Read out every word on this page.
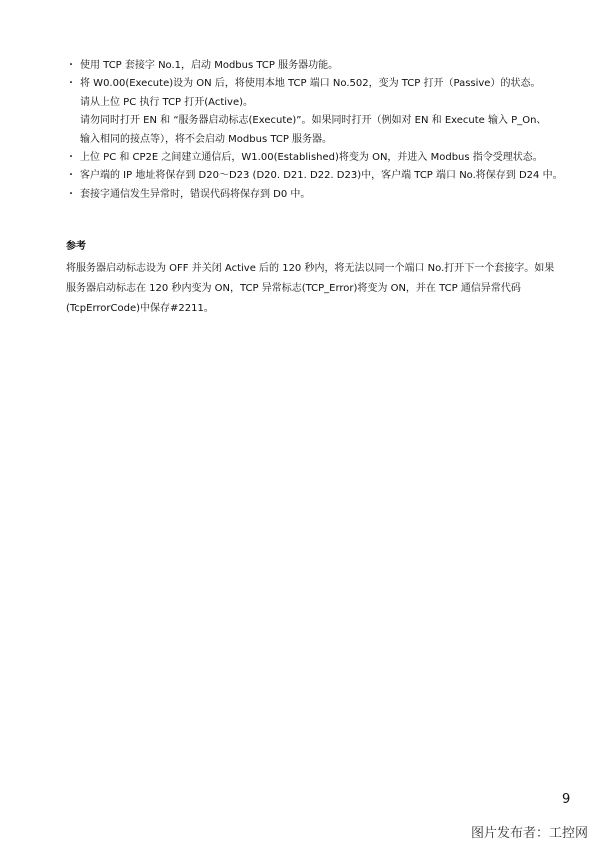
・ 使用 TCP 套接字 No.1，启动 Modbus TCP 服务器功能。
・ 将 W0.00(Execute)设为 ON 后，将使用本地 TCP 端口 No.502，变为 TCP 打开（Passive）的状态。
请从上位 PC 执行 TCP 打开(Active)。
请勿同时打开 EN 和 “服务器启动标志(Execute)”。如果同时打开（例如对 EN 和 Execute 输入 P_On、
输入相同的接点等），将不会启动 Modbus TCP 服务器。
・ 上位 PC 和 CP2E 之间建立通信后，W1.00(Established)将变为 ON，并进入 Modbus 指令受理状态。
・ 客户端的 IP 地址将保存到 D20～D23 (D20. D21. D22. D23)中，客户端 TCP 端口 No.将保存到 D24 中。
・ 套接字通信发生异常时，错误代码将保存到 D0 中。
参考
将服务器启动标志设为 OFF 并关闭 Active 后的 120 秒内，将无法以同一个端口 No.打开下一个套接字。如果
服务器启动标志在 120 秒内变为 ON，TCP 异常标志(TCP_Error)将变为 ON，并在 TCP 通信异常代码
(TcpErrorCode)中保存#2211。
9
图片发布者：工控网
